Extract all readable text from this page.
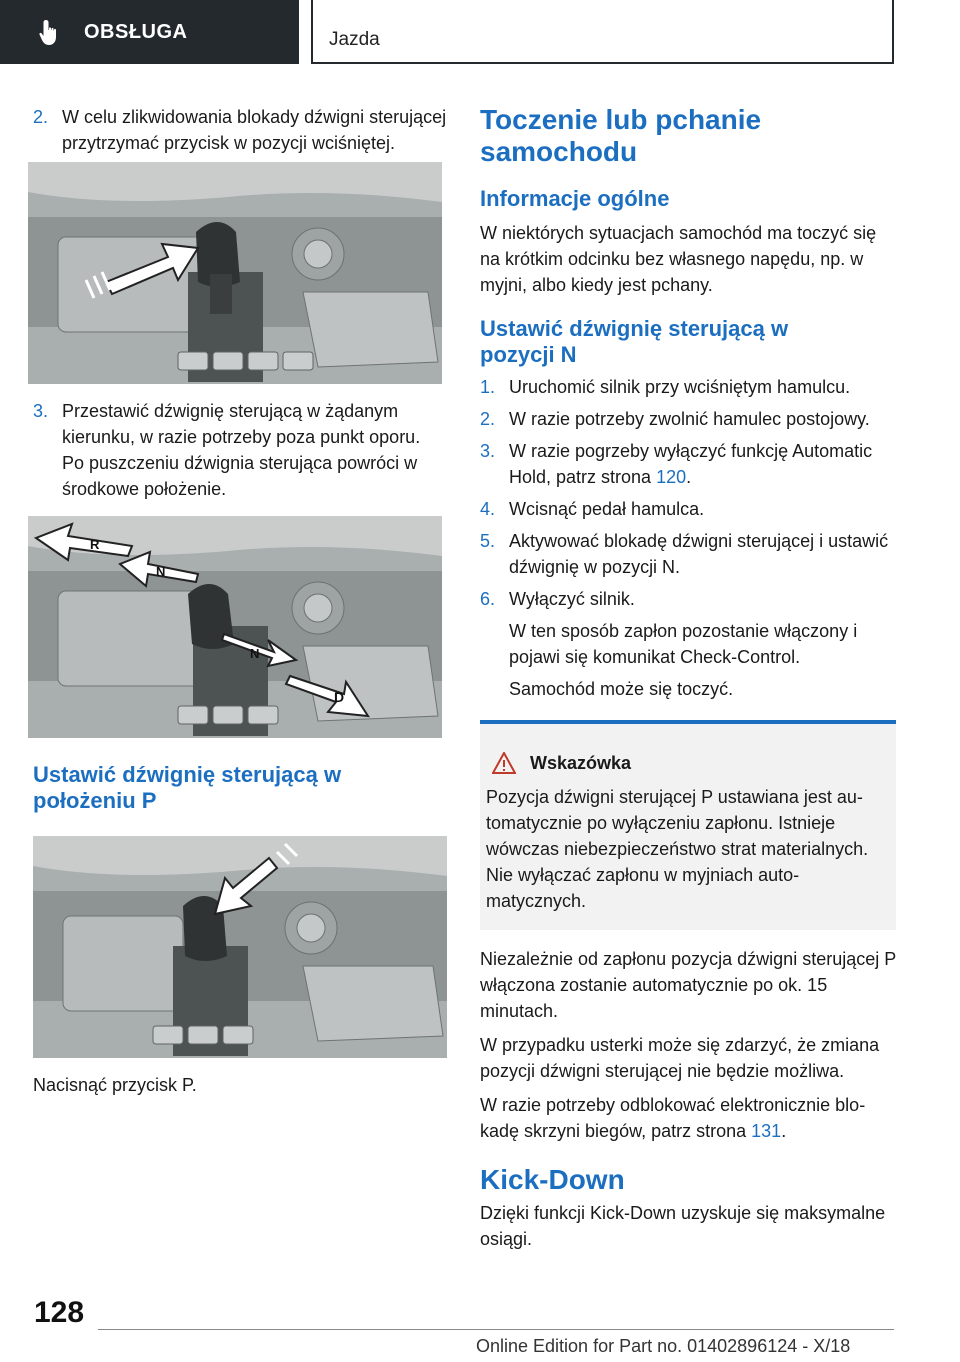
OBSŁUGA	Jazda
2. W celu zlikwidowania blokady dźwigni sterującej przytrzymać przycisk w pozycji wciśniętej.
3. Przestawić dźwignię sterującą w żądanym kierunku, w razie potrzeby poza punkt oporu. Po puszczeniu dźwignia sterująca powróci w środkowe położenie.
R
N
N
D
Ustawić dźwignię sterującą w położeniu P

Nacisnąć przycisk P.

Toczenie lub pchanie samochodu
Informacje ogólne

W niektórych sytuacjach samochód ma toczyć się na krótkim odcinku bez własnego napędu, np. w myjni, albo kiedy jest pchany.

Ustawić dźwignię sterującą w pozycji N
1. Uruchomić silnik przy wciśniętym hamulcu.
2. W razie potrzeby zwolnić hamulec postojowy.
3. W razie pogrzeby wyłączyć funkcję Automatic Hold, patrz strona 120.
4. Wcisnąć pedał hamulca.
5. Aktywować blokadę dźwigni sterującej i ustawić dźwignię w pozycji N.
6. Wyłączyć silnik.

W ten sposób zapłon pozostanie włączony i pojawi się komunikat Check-Control.

Samochód może się toczyć.

Wskazówka

Pozycja dźwigni sterującej P ustawiana jest automatycznie po wyłączeniu zapłonu. Istnieje wówczas niebezpieczeństwo strat materialnych. Nie wyłączać zapłonu w myjniach automatycznych.

Niezależnie od zapłonu pozycja dźwigni sterującej P włączona zostanie automatycznie po ok. 15 minutach.

W przypadku usterki może się zdarzyć, że zmiana pozycji dźwigni sterującej nie będzie możliwa.

W razie potrzeby odblokować elektronicznie blokadę skrzyni biegów, patrz strona 131.

Kick-Down

Dzięki funkcji Kick-Down uzyskuje się maksymalne osiągi.

128
Online Edition for Part no. 01402896124 - X/18
